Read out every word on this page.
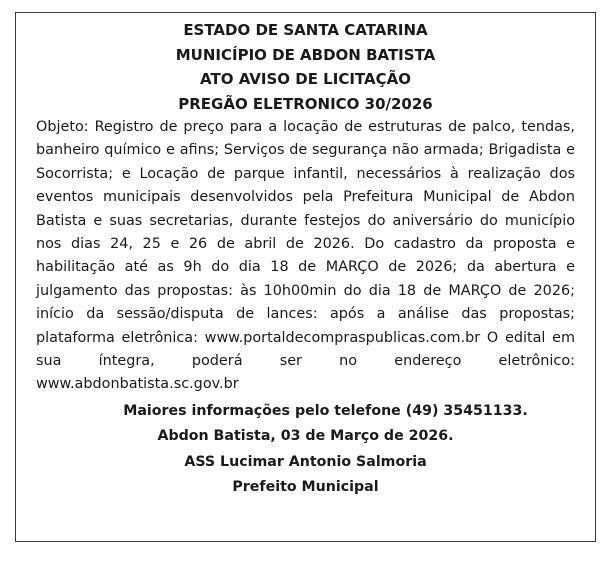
ESTADO DE SANTA CATARINA
MUNICÍPIO DE ABDON BATISTA
ATO AVISO DE LICITAÇÃO
PREGÃO ELETRONICO 30/2026
Objeto: Registro de preço para a locação de estruturas de palco, tendas, banheiro químico e afins; Serviços de segurança não armada; Brigadista e Socorrista; e Locação de parque infantil, necessários à realização dos eventos municipais desenvolvidos pela Prefeitura Municipal de Abdon Batista e suas secretarias, durante festejos do aniversário do município nos dias 24, 25 e 26 de abril de 2026. Do cadastro da proposta e habilitação até as 9h do dia 18 de MARÇO de 2026; da abertura e julgamento das propostas: às 10h00min do dia 18 de MARÇO de 2026; início da sessão/disputa de lances: após a análise das propostas; plataforma eletrônica: www.portaldecompraspublicas.com.br O edital em sua íntegra, poderá ser no endereço eletrônico: www.abdonbatista.sc.gov.br
Maiores informações pelo telefone (49) 35451133.
Abdon Batista, 03 de Março de 2026.
ASS Lucimar Antonio Salmoria
Prefeito Municipal
